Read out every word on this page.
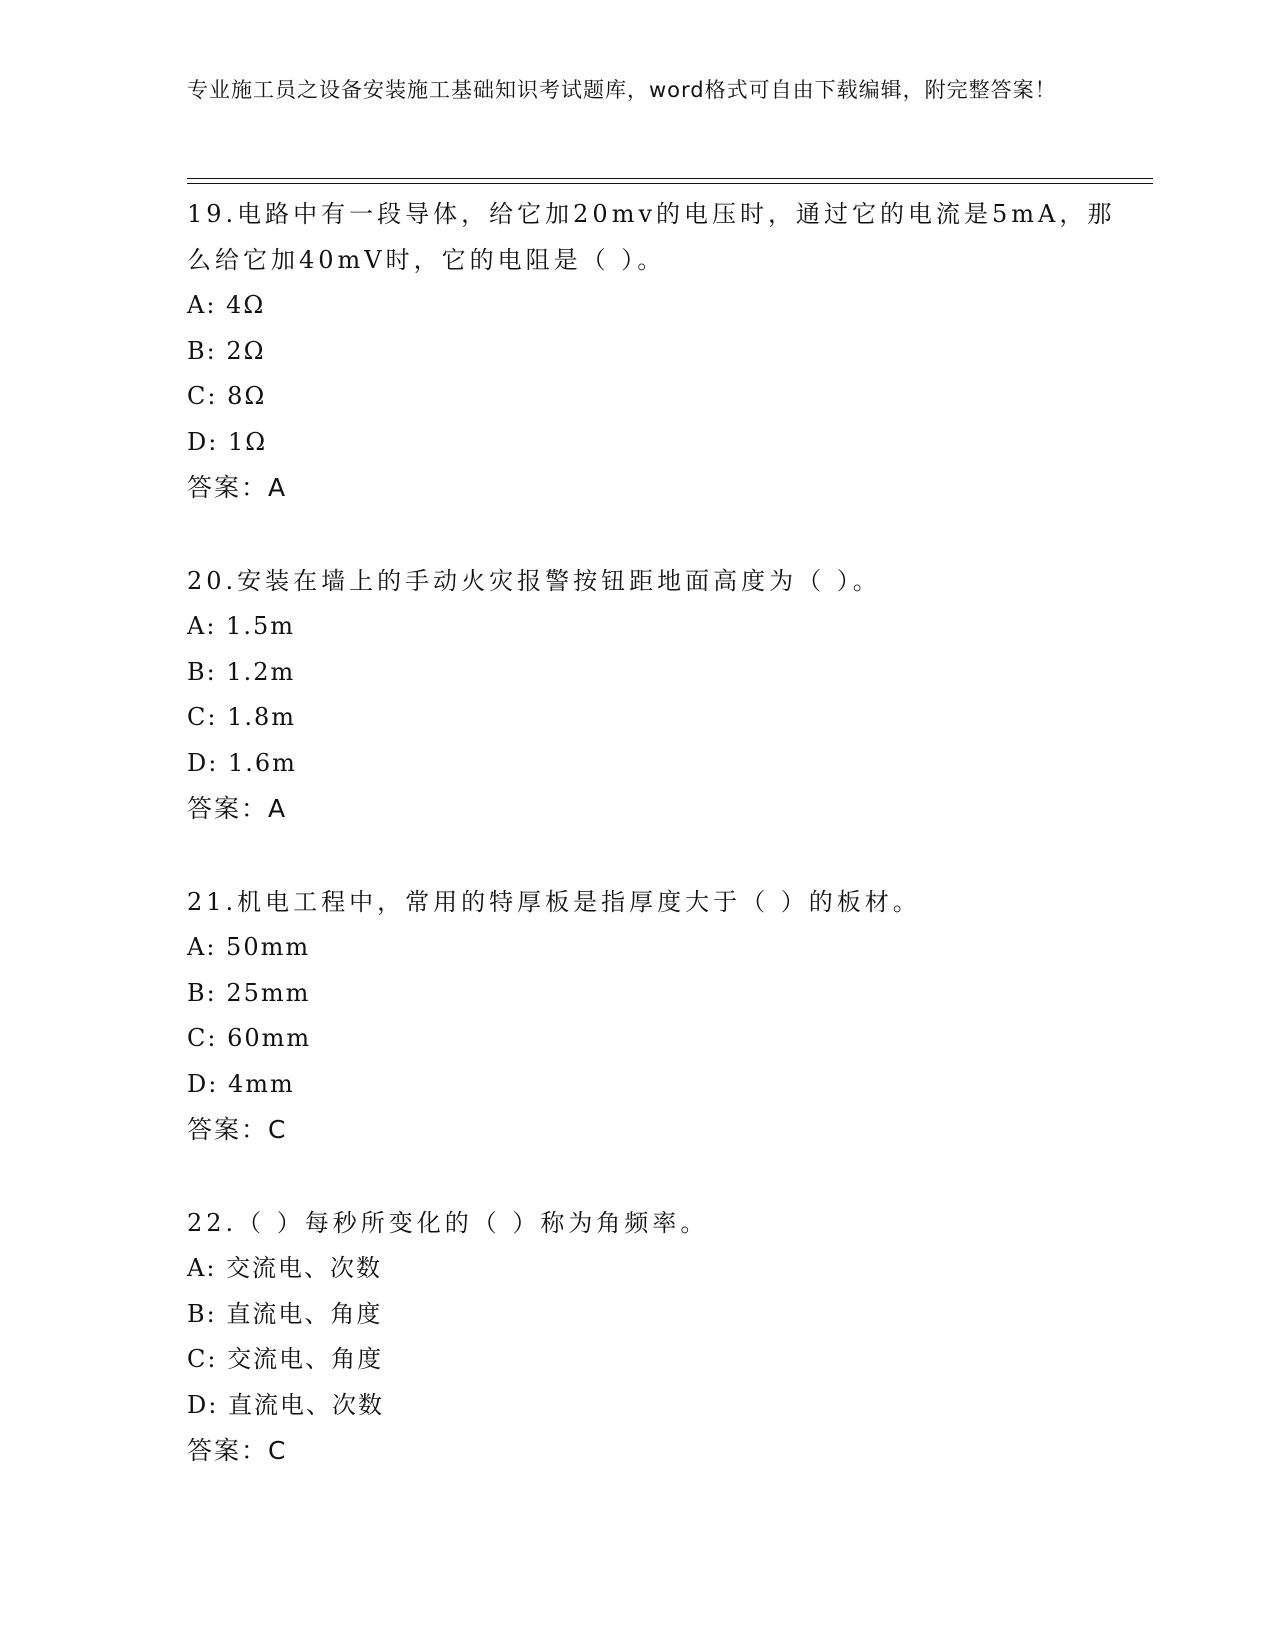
专业施工员之设备安装施工基础知识考试题库，word格式可自由下载编辑，附完整答案！

19.电路中有一段导体，给它加20mv的电压时，通过它的电流是5mA，那么给它加40mV时，它的电阻是（ ）。

A: 4Ω

B: 2Ω

C: 8Ω

D: 1Ω

答案：A

20.安装在墙上的手动火灾报警按钮距地面高度为（ ）。

A: 1.5m

B: 1.2m

C: 1.8m

D: 1.6m

答案：A

21.机电工程中，常用的特厚板是指厚度大于（ ）的板材。

A: 50mm

B: 25mm

C: 60mm

D: 4mm

答案：C

22.（ ）每秒所变化的（ ）称为角频率。

A: 交流电、次数

B: 直流电、角度

C: 交流电、角度

D: 直流电、次数

答案：C
